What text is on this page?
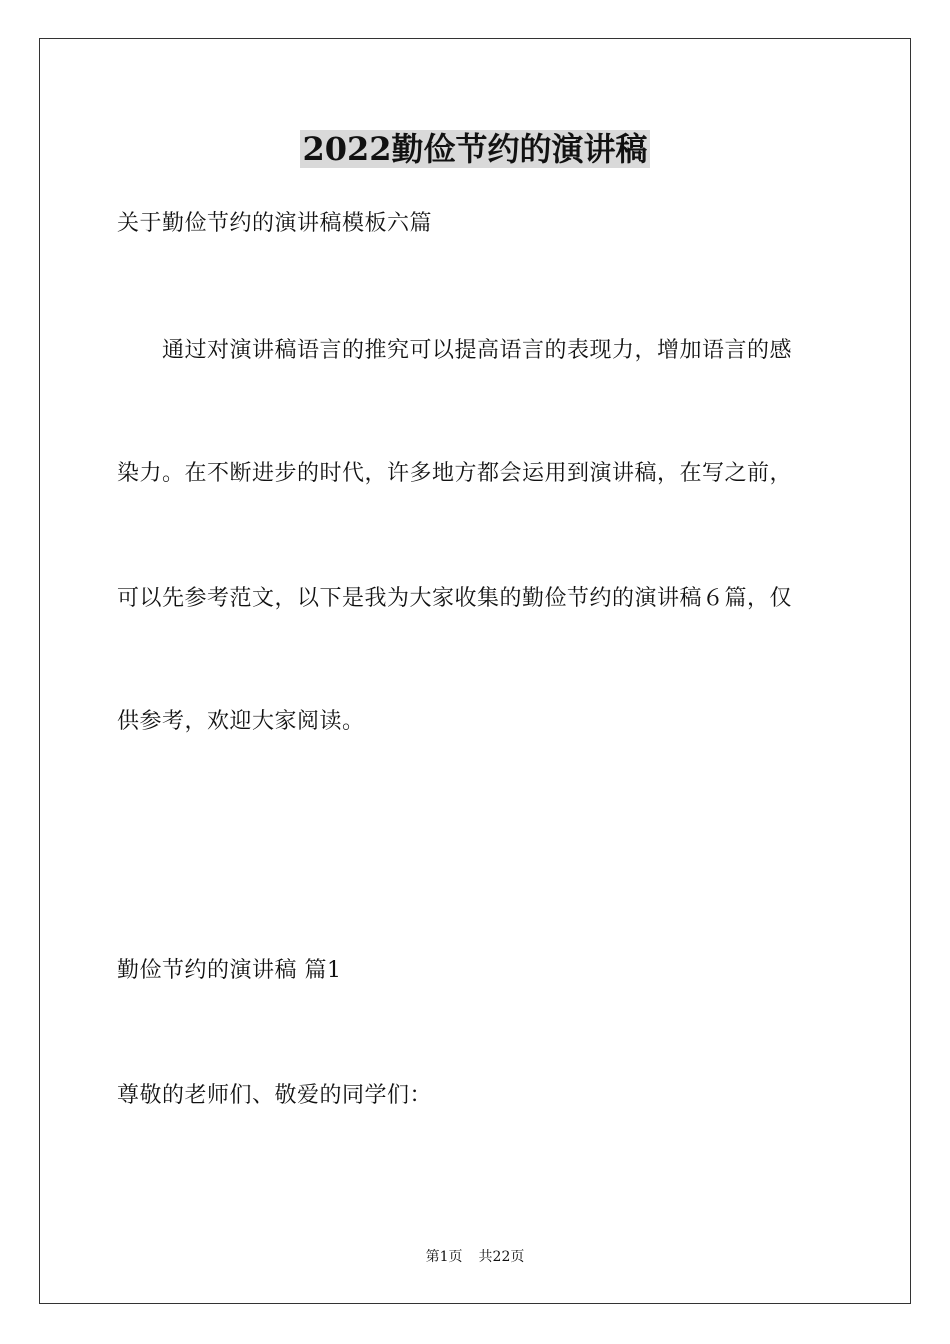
2022勤俭节约的演讲稿
关于勤俭节约的演讲稿模板六篇
通过对演讲稿语言的推究可以提高语言的表现力，增加语言的感
染力。在不断进步的时代，许多地方都会运用到演讲稿，在写之前，
可以先参考范文，以下是我为大家收集的勤俭节约的演讲稿６篇，仅
供参考，欢迎大家阅读。
勤俭节约的演讲稿 篇1
尊敬的老师们、敬爱的同学们：
第1页 共22页
